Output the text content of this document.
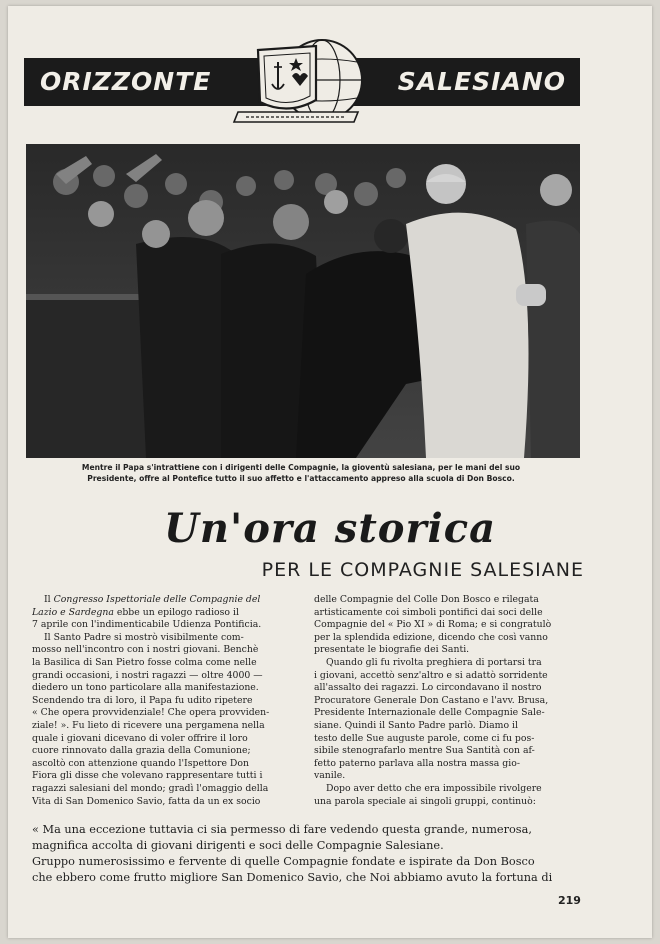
ORIZZONTE	SALESIANO
Mentre il Papa s'intrattiene con i dirigenti delle Compagnie, la gioventù salesiana, per le mani del suo
Presidente, offre al Pontefice tutto il suo affetto e l'attaccamento appreso alla scuola di Don Bosco.
Un'ora storica
PER LE COMPAGNIE SALESIANE
Il Congresso Ispettoriale delle Compagnie del
Lazio e Sardegna ebbe un epilogo radioso il
7 aprile con l'indimenticabile Udienza Pontificia.
Il Santo Padre si mostrò visibilmente com-
mosso nell'incontro con i nostri giovani. Benchè
la Basilica di San Pietro fosse colma come nelle
grandi occasioni, i nostri ragazzi — oltre 4000 —
diedero un tono particolare alla manifestazione.
Scendendo tra di loro, il Papa fu udito ripetere
« Che opera provvidenziale! Che opera provviden-
ziale! ». Fu lieto di ricevere una pergamena nella
quale i giovani dicevano di voler offrire il loro
cuore rinnovato dalla grazia della Comunione;
ascoltò con attenzione quando l'Ispettore Don
Fiora gli disse che volevano rappresentare tutti i
ragazzi salesiani del mondo; gradì l'omaggio della
Vita di San Domenico Savio, fatta da un ex socio
delle Compagnie del Colle Don Bosco e rilegata
artisticamente coi simboli pontifici dai soci delle
Compagnie del « Pio XI » di Roma; e si congratulò
per la splendida edizione, dicendo che così vanno
presentate le biografie dei Santi.
Quando gli fu rivolta preghiera di portarsi tra
i giovani, accettò senz'altro e si adattò sorridente
all'assalto dei ragazzi. Lo circondavano il nostro
Procuratore Generale Don Castano e l'avv. Brusa,
Presidente Internazionale delle Compagnie Sale-
siane. Quindi il Santo Padre parlò. Diamo il
testo delle Sue auguste parole, come ci fu pos-
sibile stenografarlo mentre Sua Santità con af-
fetto paterno parlava alla nostra massa gio-
vanile.
Dopo aver detto che era impossibile rivolgere
una parola speciale ai singoli gruppi, continuò:
« Ma una eccezione tuttavia ci sia permesso di fare vedendo questa grande, numerosa,
magnifica accolta di giovani dirigenti e soci delle Compagnie Salesiane.
Gruppo numerosissimo e fervente di quelle Compagnie fondate e ispirate da Don Bosco
che ebbero come frutto migliore San Domenico Savio, che Noi abbiamo avuto la fortuna di
219
